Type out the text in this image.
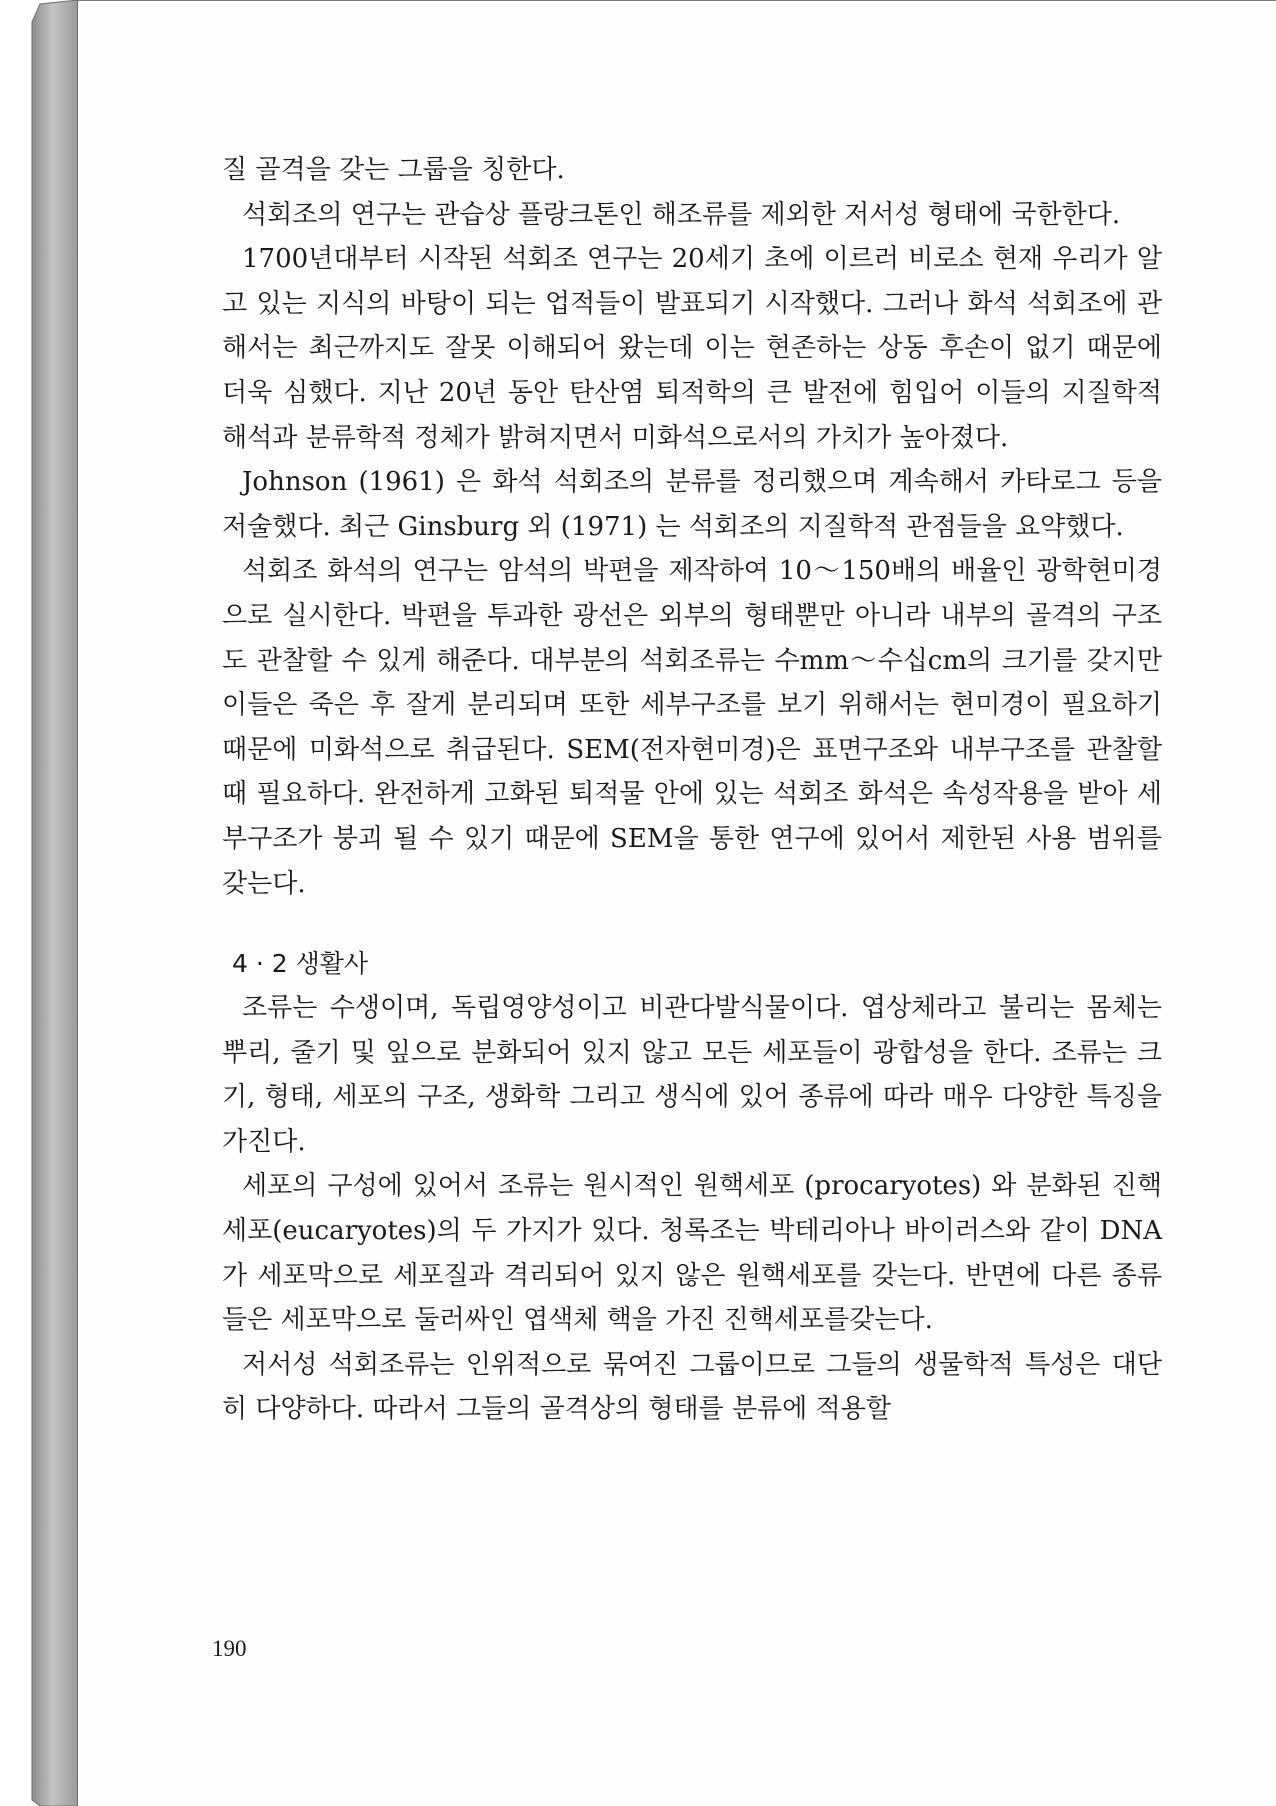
질 골격을 갖는 그룹을 칭한다.

석회조의 연구는 관습상 플랑크톤인 해조류를 제외한 저서성 형태에 국한한다.

1700년대부터 시작된 석회조 연구는 20세기 초에 이르러 비로소 현재 우리가 알고 있는 지식의 바탕이 되는 업적들이 발표되기 시작했다. 그러나 화석 석회조에 관해서는 최근까지도 잘못 이해되어 왔는데 이는 현존하는 상동 후손이 없기 때문에 더욱 심했다. 지난 20년 동안 탄산염 퇴적학의 큰 발전에 힘입어 이들의 지질학적 해석과 분류학적 정체가 밝혀지면서 미화석으로서의 가치가 높아졌다.

Johnson (1961) 은 화석 석회조의 분류를 정리했으며 계속해서 카타로그 등을 저술했다. 최근 Ginsburg 외 (1971) 는 석회조의 지질학적 관점들을 요약했다.

석회조 화석의 연구는 암석의 박편을 제작하여 10～150배의 배율인 광학현미경으로 실시한다. 박편을 투과한 광선은 외부의 형태뿐만 아니라 내부의 골격의 구조도 관찰할 수 있게 해준다. 대부분의 석회조류는 수mm～수십cm의 크기를 갖지만 이들은 죽은 후 잘게 분리되며 또한 세부구조를 보기 위해서는 현미경이 필요하기 때문에 미화석으로 취급된다. SEM(전자현미경)은 표면구조와 내부구조를 관찰할 때 필요하다. 완전하게 고화된 퇴적물 안에 있는 석회조 화석은 속성작용을 받아 세부구조가 붕괴 될 수 있기 때문에 SEM을 통한 연구에 있어서 제한된 사용 범위를 갖는다.

4 · 2 생활사

조류는 수생이며, 독립영양성이고 비관다발식물이다. 엽상체라고 불리는 몸체는 뿌리, 줄기 및 잎으로 분화되어 있지 않고 모든 세포들이 광합성을 한다. 조류는 크기, 형태, 세포의 구조, 생화학 그리고 생식에 있어 종류에 따라 매우 다양한 특징을 가진다.

세포의 구성에 있어서 조류는 원시적인 원핵세포 (procaryotes) 와 분화된 진핵세포(eucaryotes)의 두 가지가 있다. 청록조는 박테리아나 바이러스와 같이 DNA가 세포막으로 세포질과 격리되어 있지 않은 원핵세포를 갖는다. 반면에 다른 종류들은 세포막으로 둘러싸인 엽색체 핵을 가진 진핵세포를갖는다.

저서성 석회조류는 인위적으로 묶여진 그룹이므로 그들의 생물학적 특성은 대단히 다양하다. 따라서 그들의 골격상의 형태를 분류에 적용할

190
